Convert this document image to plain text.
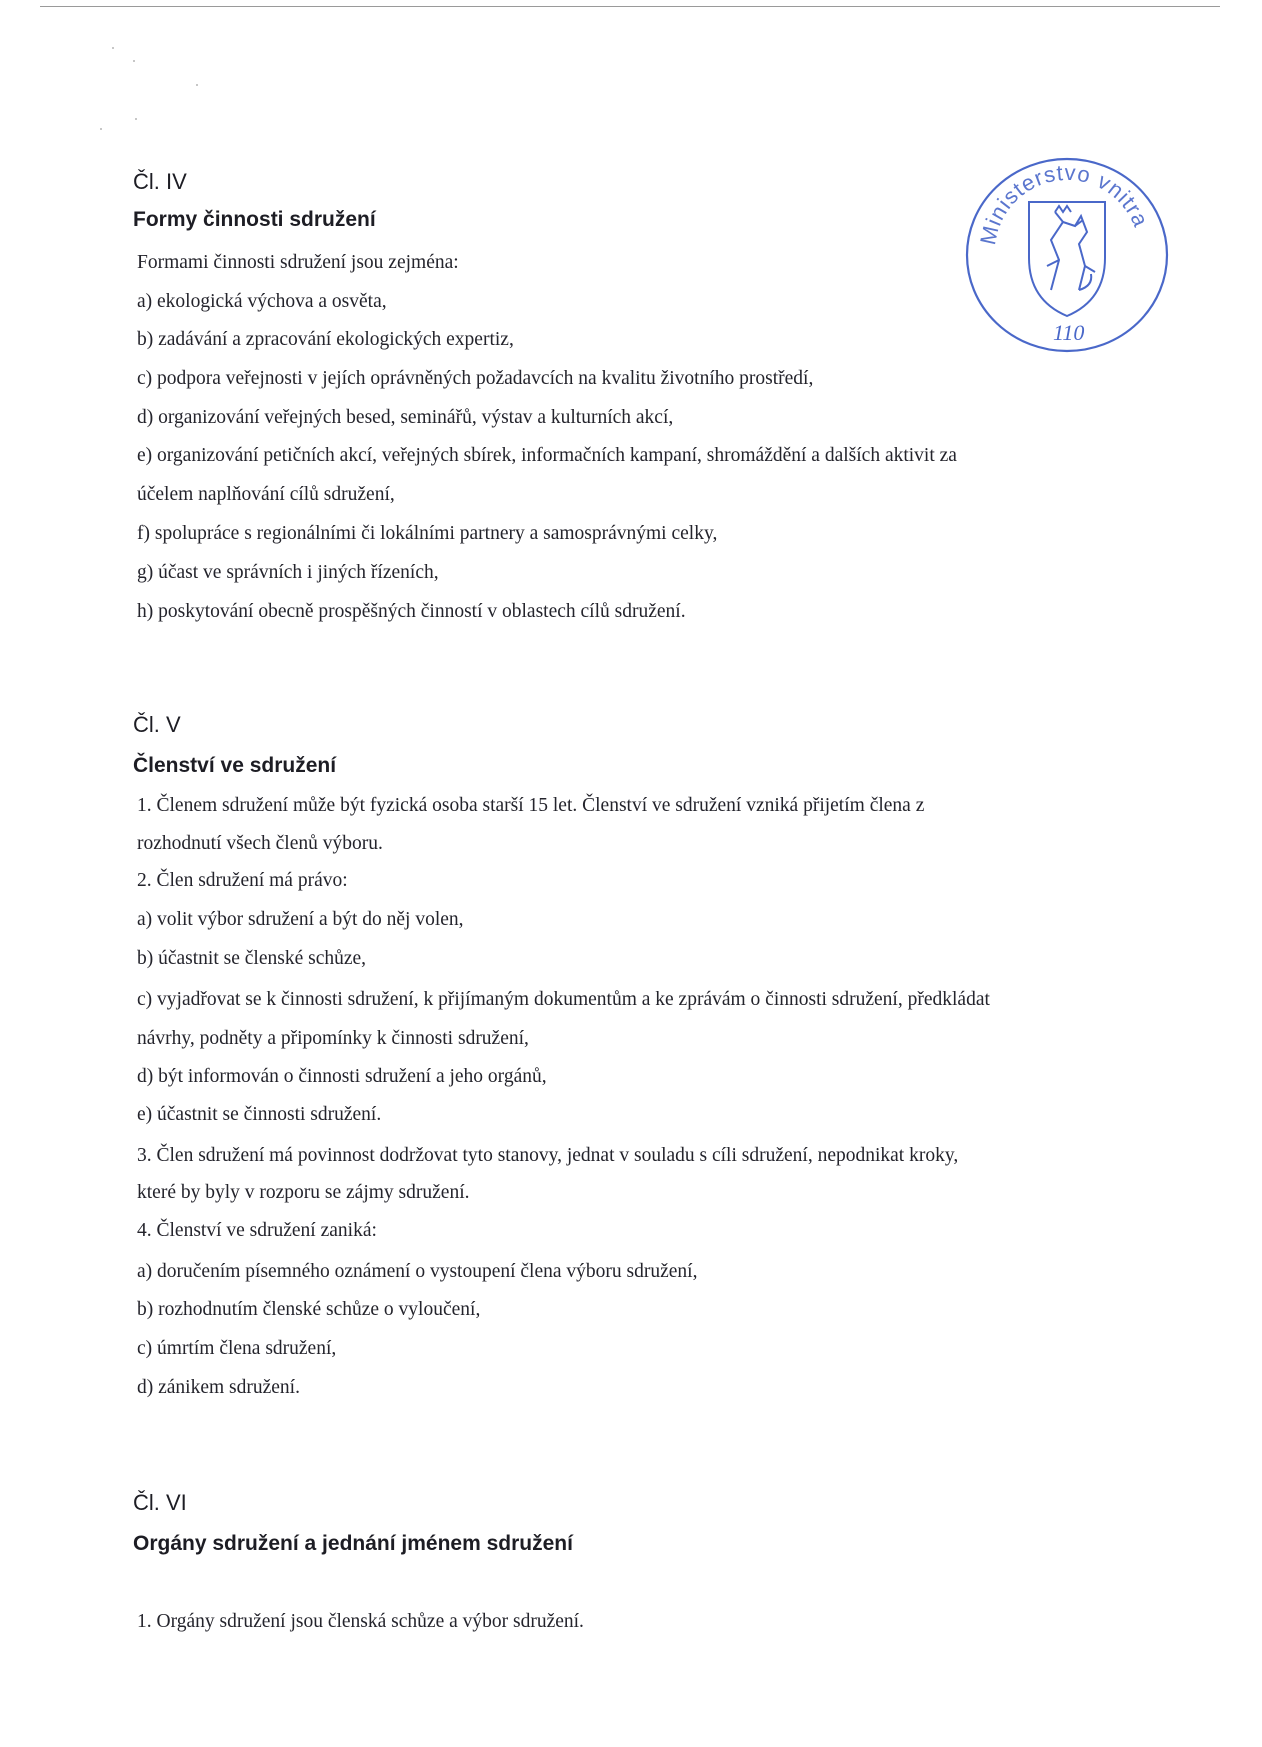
Ministerstvo vnitra
110
Čl. IV
Formy činnosti sdružení
Formami činnosti sdružení jsou zejména:
a) ekologická výchova a osvěta,
b) zadávání a zpracování ekologických expertiz,
c) podpora veřejnosti v jejích oprávněných požadavcích na kvalitu životního prostředí,
d) organizování veřejných besed, seminářů, výstav a kulturních akcí,
e) organizování petičních akcí, veřejných sbírek, informačních kampaní, shromáždění a dalších aktivit za
účelem naplňování cílů sdružení,
f) spolupráce s regionálními či lokálními partnery a samosprávnými celky,
g) účast ve správních i jiných řízeních,
h) poskytování obecně prospěšných činností v oblastech cílů sdružení.
Čl. V
Členství ve sdružení
1. Členem sdružení může být fyzická osoba starší 15 let. Členství ve sdružení vzniká přijetím člena z
rozhodnutí všech členů výboru.
2. Člen sdružení má právo:
a) volit výbor sdružení a být do něj volen,
b) účastnit se členské schůze,
c) vyjadřovat se k činnosti sdružení, k přijímaným dokumentům a ke zprávám o činnosti sdružení, předkládat
návrhy, podněty a připomínky k činnosti sdružení,
d) být informován o činnosti sdružení a jeho orgánů,
e) účastnit se činnosti sdružení.
3. Člen sdružení má povinnost dodržovat tyto stanovy, jednat v souladu s cíli sdružení, nepodnikat kroky,
které by byly v rozporu se zájmy sdružení.
4. Členství ve sdružení zaniká:
a) doručením písemného oznámení o vystoupení člena výboru sdružení,
b) rozhodnutím členské schůze o vyloučení,
c) úmrtím člena sdružení,
d) zánikem sdružení.
Čl. VI
Orgány sdružení a jednání jménem sdružení
1. Orgány sdružení jsou členská schůze a výbor sdružení.
